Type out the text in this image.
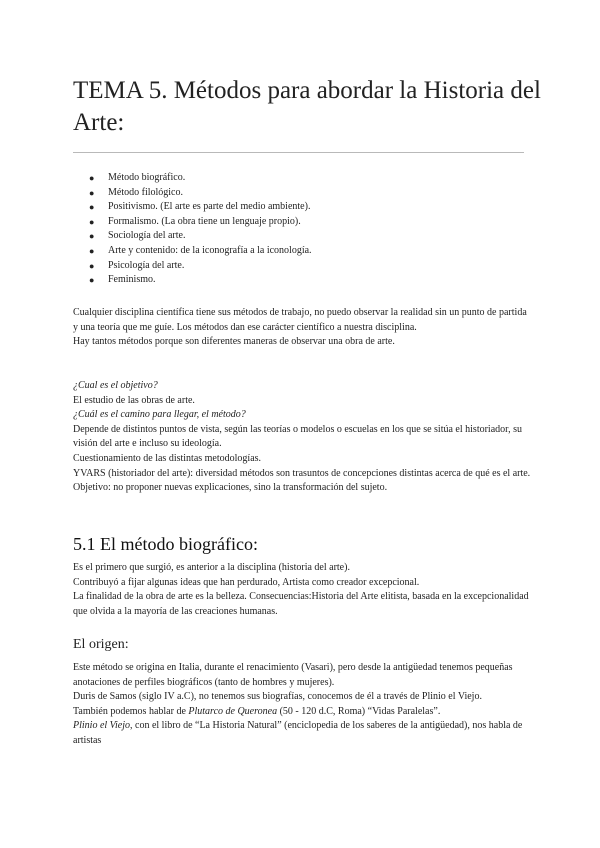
TEMA 5. Métodos para abordar la Historia del Arte:
● Método biográfico.
● Método filológico.
● Positivismo. (El arte es parte del medio ambiente).
● Formalismo. (La obra tiene un lenguaje propio).
● Sociología del arte.
● Arte y contenido: de la iconografía a la iconología.
● Psicología del arte.
● Feminismo.

Cualquier disciplina científica tiene sus métodos de trabajo, no puedo observar la realidad sin un punto de partida y una teoría que me guíe. Los métodos dan ese carácter científico a nuestra disciplina.

Hay tantos métodos porque son diferentes maneras de observar una obra de arte.

¿Cual es el objetivo?

El estudio de las obras de arte.

¿Cuál es el camino para llegar, el método?

Depende de distintos puntos de vista, según las teorías o modelos o escuelas en los que se sitúa el historiador, su visión del arte e incluso su ideología.

Cuestionamiento de las distintas metodologías.

YVARS (historiador del arte): diversidad métodos son trasuntos de concepciones distintas acerca de qué es el arte. Objetivo: no proponer nuevas explicaciones, sino la transformación del sujeto.

5.1 El método biográfico:

Es el primero que surgió, es anterior a la disciplina (historia del arte).

Contribuyó a fijar algunas ideas que han perdurado, Artista como creador excepcional.

La finalidad de la obra de arte es la belleza. Consecuencias:Historia del Arte elitista, basada en la excepcionalidad que olvida a la mayoría de las creaciones humanas.

El origen:

Este método se origina en Italia, durante el renacimiento (Vasari), pero desde la antigüedad tenemos pequeñas anotaciones de perfiles biográficos (tanto de hombres y mujeres).

Duris de Samos (siglo IV a.C), no tenemos sus biografías, conocemos de él a través de Plinio el Viejo.

También podemos hablar de Plutarco de Queronea (50 - 120 d.C, Roma) “Vidas Paralelas”.

Plinio el Viejo, con el libro de “La Historia Natural” (enciclopedia de los saberes de la antigüedad), nos habla de artistas
